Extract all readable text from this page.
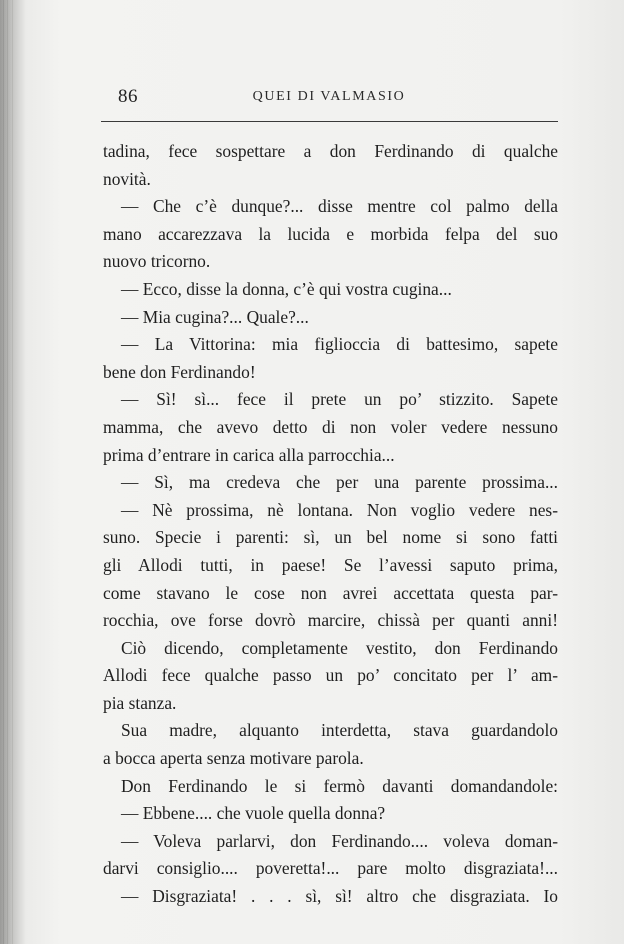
86	QUEI DI VALMASIO
tadina, fece sospettare a don Ferdinando di qualche
novità.
— Che c’è dunque?... disse mentre col palmo della
mano accarezzava la lucida e morbida felpa del suo
nuovo tricorno.
— Ecco, disse la donna, c’è qui vostra cugina...
— Mia cugina?... Quale?...
— La Vittorina: mia figlioccia di battesimo, sapete
bene don Ferdinando!
— Sì! sì... fece il prete un po’ stizzito. Sapete
mamma, che avevo detto di non voler vedere nessuno
prima d’entrare in carica alla parrocchia...
— Sì, ma credeva che per una parente prossima...
— Nè prossima, nè lontana. Non voglio vedere nes-
suno. Specie i parenti: sì, un bel nome si sono fatti
gli Allodi tutti, in paese! Se l’avessi saputo prima,
come stavano le cose non avrei accettata questa par-
rocchia, ove forse dovrò marcire, chissà per quanti anni!
Ciò dicendo, completamente vestito, don Ferdinando
Allodi fece qualche passo un po’ concitato per l’ am-
pia stanza.
Sua madre, alquanto interdetta, stava guardandolo
a bocca aperta senza motivare parola.
Don Ferdinando le si fermò davanti domandandole:
— Ebbene.... che vuole quella donna?
— Voleva parlarvi, don Ferdinando.... voleva doman-
darvi consiglio.... poveretta!... pare molto disgraziata!...
— Disgraziata! . . . sì, sì! altro che disgraziata. Io
